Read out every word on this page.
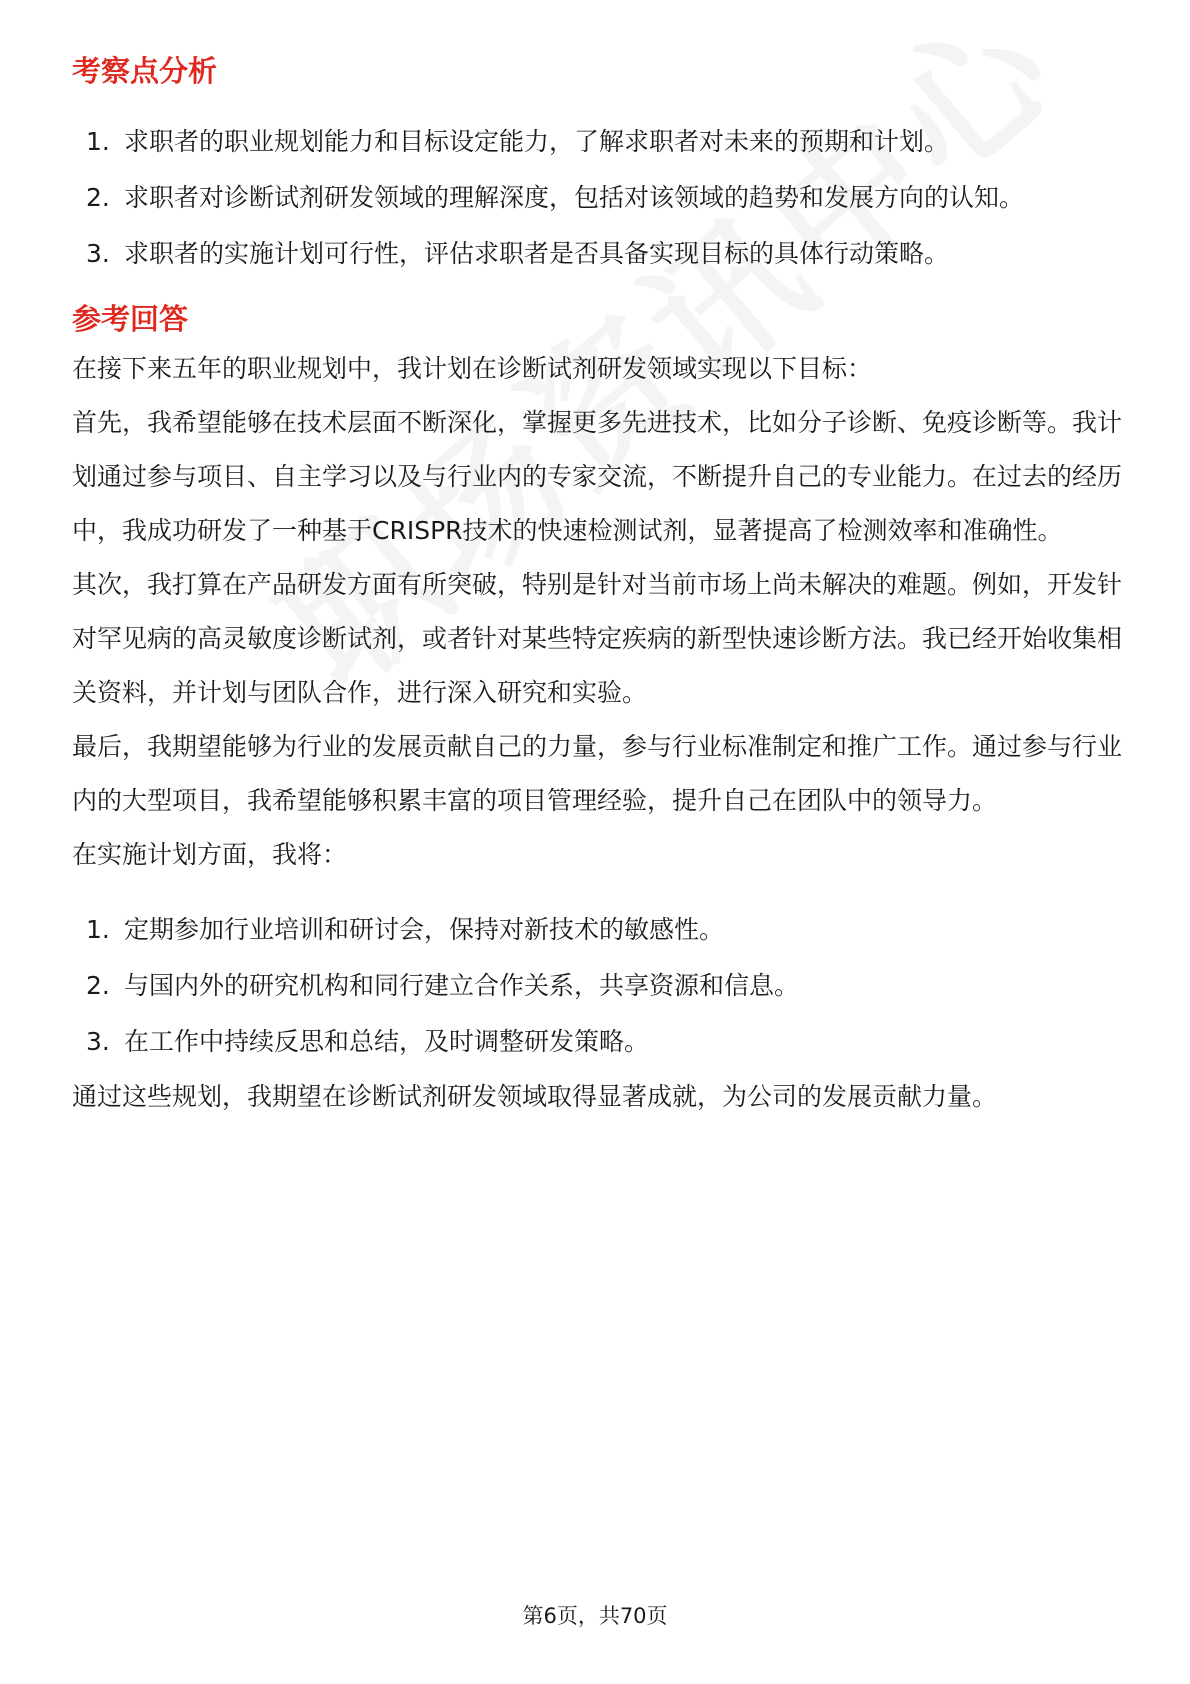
考察点分析
1. 求职者的职业规划能力和目标设定能力，了解求职者对未来的预期和计划。
2. 求职者对诊断试剂研发领域的理解深度，包括对该领域的趋势和发展方向的认知。
3. 求职者的实施计划可行性，评估求职者是否具备实现目标的具体行动策略。
参考回答

在接下来五年的职业规划中，我计划在诊断试剂研发领域实现以下目标：

首先，我希望能够在技术层面不断深化，掌握更多先进技术，比如分子诊断、免疫诊断等。我计划通过参与项目、自主学习以及与行业内的专家交流，不断提升自己的专业能力。在过去的经历中，我成功研发了一种基于CRISPR技术的快速检测试剂，显著提高了检测效率和准确性。

其次，我打算在产品研发方面有所突破，特别是针对当前市场上尚未解决的难题。例如，开发针对罕见病的高灵敏度诊断试剂，或者针对某些特定疾病的新型快速诊断方法。我已经开始收集相关资料，并计划与团队合作，进行深入研究和实验。

最后，我期望能够为行业的发展贡献自己的力量，参与行业标准制定和推广工作。通过参与行业内的大型项目，我希望能够积累丰富的项目管理经验，提升自己在团队中的领导力。

在实施计划方面，我将：

1. 定期参加行业培训和研讨会，保持对新技术的敏感性。
2. 与国内外的研究机构和同行建立合作关系，共享资源和信息。
3. 在工作中持续反思和总结，及时调整研发策略。

通过这些规划，我期望在诊断试剂研发领域取得显著成就，为公司的发展贡献力量。

第6页，共70页
